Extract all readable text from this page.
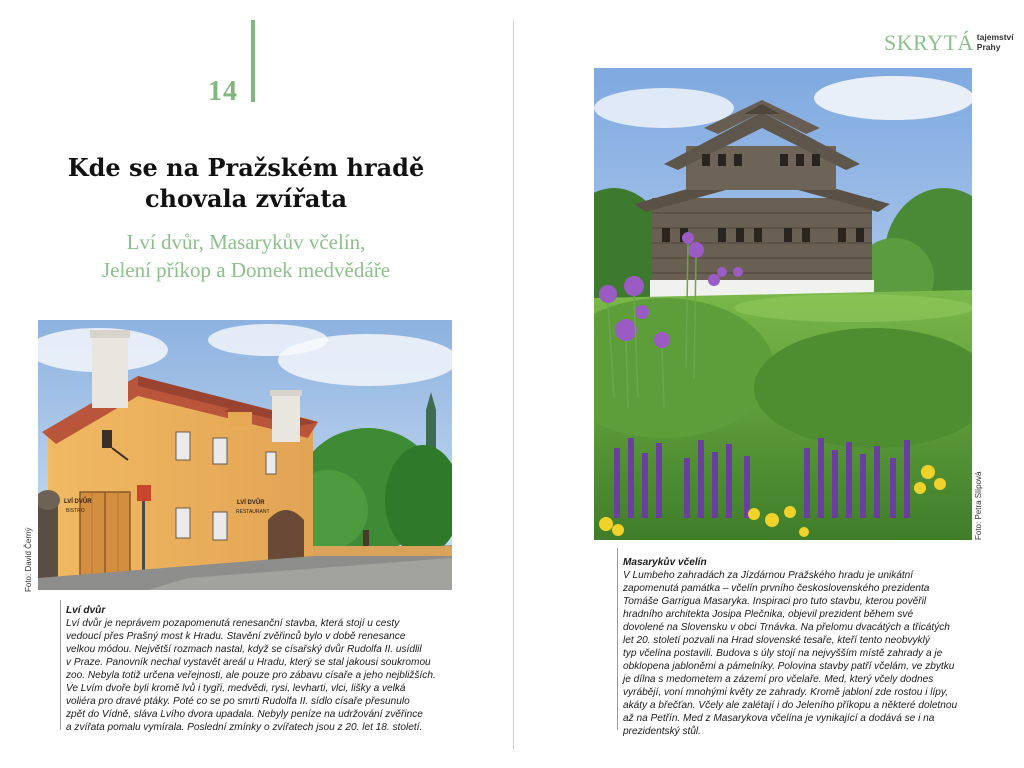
14
Kde se na Pražském hradě
chovala zvířata
Lví dvůr, Masarykův včelín,
Jelení příkop a Domek medvědáře
LVÍ DVŮR
BISTRO
LVÍ DVŮR
RESTAURANT
Foto: David Černý
Lví dvůr
Lví dvůr je neprávem pozapomenutá renesanční stavba, která stojí u cesty
vedoucí přes Prašný most k Hradu. Stavění zvěřinců bylo v době renesance
velkou módou. Největší rozmach nastal, když se císařský dvůr Rudolfa II. usídlil
v Praze. Panovník nechal vystavět areál u Hradu, který se stal jakousi soukromou
zoo. Nebyla totiž určena veřejnosti, ale pouze pro zábavu císaře a jeho nejbližších.
Ve Lvím dvoře byli kromě lvů i tygři, medvědi, rysi, levharti, vlci, lišky a velká
voliéra pro dravé ptáky. Poté co se po smrti Rudolfa II. sídlo císaře přesunulo
zpět do Vídně, sláva Lvího dvora upadala. Nebyly peníze na udržování zvěřince
a zvířata pomalu vymírala. Poslední zmínky o zvířatech jsou z 20. let 18. století.
SKRYTÁ tajemství
Prahy
Foto: Petra Slípová
Masarykův včelín
V Lumbeho zahradách za Jízdárnou Pražského hradu je unikátní
zapomenutá památka – včelín prvního československého prezidenta
Tomáše Garrigua Masaryka. Inspiraci pro tuto stavbu, kterou pověřil
hradního architekta Josipa Plečnika, objevil prezident během své
dovolené na Slovensku v obci Trnávka. Na přelomu dvacátých a třicátých
let 20. století pozvali na Hrad slovenské tesaře, kteří tento neobvyklý
typ včelína postavili. Budova s úly stojí na nejvyšším místě zahrady a je
obklopena jabloněmi a pámelníky. Polovina stavby patří včelám, ve zbytku
je dílna s medometem a zázemí pro včelaře. Med, který včely dodnes
vyrábějí, voní mnohými květy ze zahrady. Kromě jabloní zde rostou i lípy,
akáty a břečťan. Včely ale zalétají i do Jeleního příkopu a některé doletnou
až na Petřín. Med z Masarykova včelína je vynikající a dodává se i na
prezidentský stůl.
